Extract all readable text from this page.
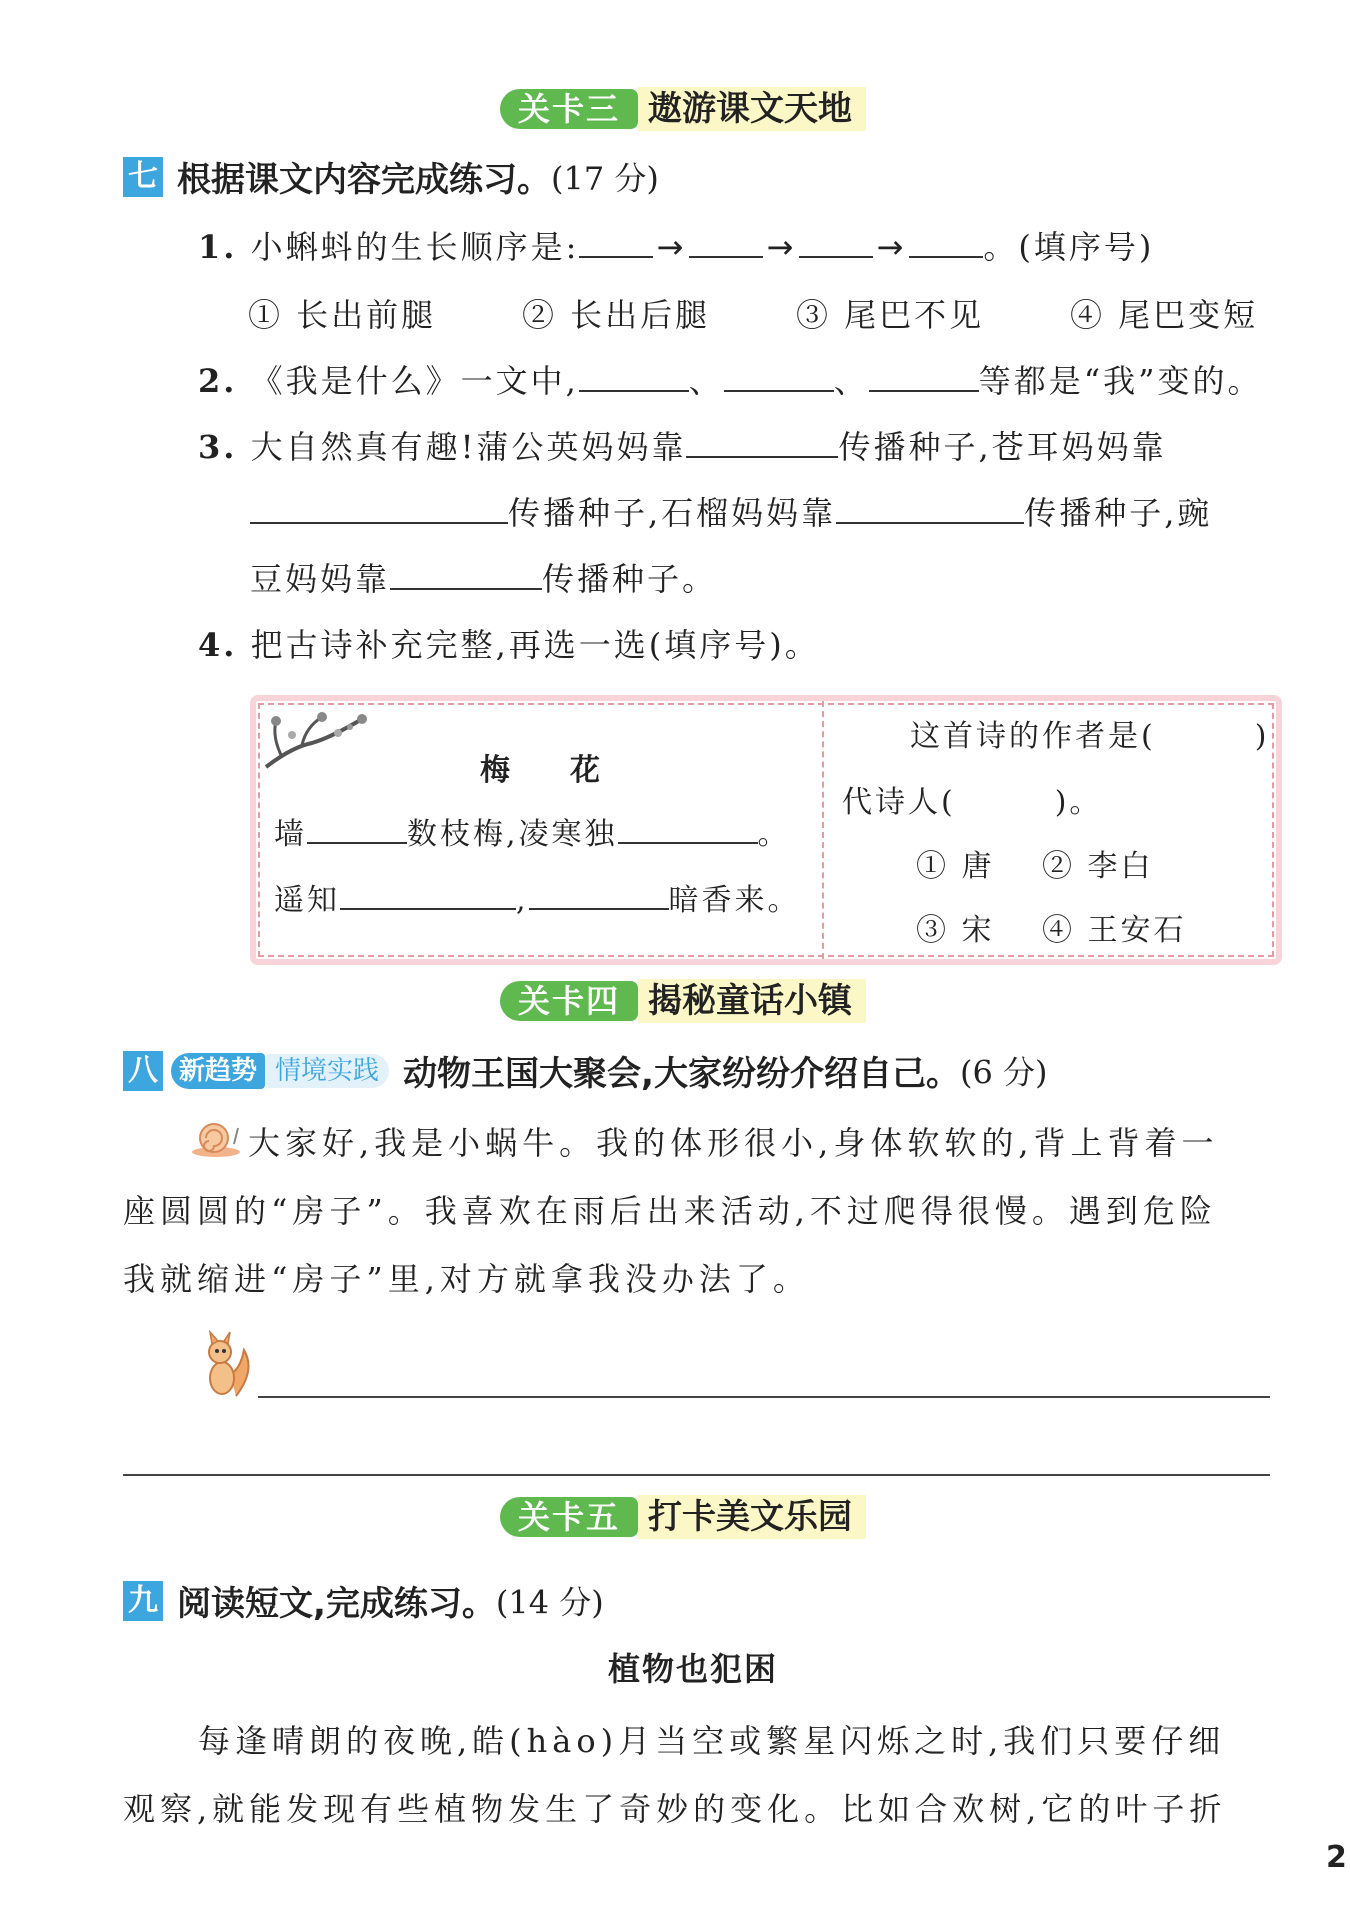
关卡三 遨游课文天地
七 根据课文内容完成练习。(17 分)
1. 小蝌蚪的生长顺序是: →	→	→ 。(填序号)
① 长出前腿	② 长出后腿	③ 尾巴不见	④ 尾巴变短
2. 《我是什么》一文中,	、	、	等都是“我”变的。
3. 大自然真有趣!蒲公英妈妈靠	传播种子,苍耳妈妈靠
传播种子,石榴妈妈靠	传播种子,豌
豆妈妈靠	传播种子。
4. 把古诗补充完整,再选一选(填序号)。
梅　　花
墙	数枝梅,凌寒独	。
遥知	,	暗香来。
这首诗的作者是(　　　)
代诗人(　　　)。
① 唐 ② 李白
③ 宋 ④ 王安石
关卡四 揭秘童话小镇
八 新趋势 情境实践 动物王国大聚会,大家纷纷介绍自己。(6 分)
大家好,我是小蜗牛。我的体形很小,身体软软的,背上背着一
座圆圆的“房子”。我喜欢在雨后出来活动,不过爬得很慢。遇到危险
我就缩进“房子”里,对方就拿我没办法了。
关卡五 打卡美文乐园
九 阅读短文,完成练习。(14 分)
植物也犯困
每逢晴朗的夜晚,皓(hào)月当空或繁星闪烁之时,我们只要仔细
观察,就能发现有些植物发生了奇妙的变化。比如合欢树,它的叶子折
2
